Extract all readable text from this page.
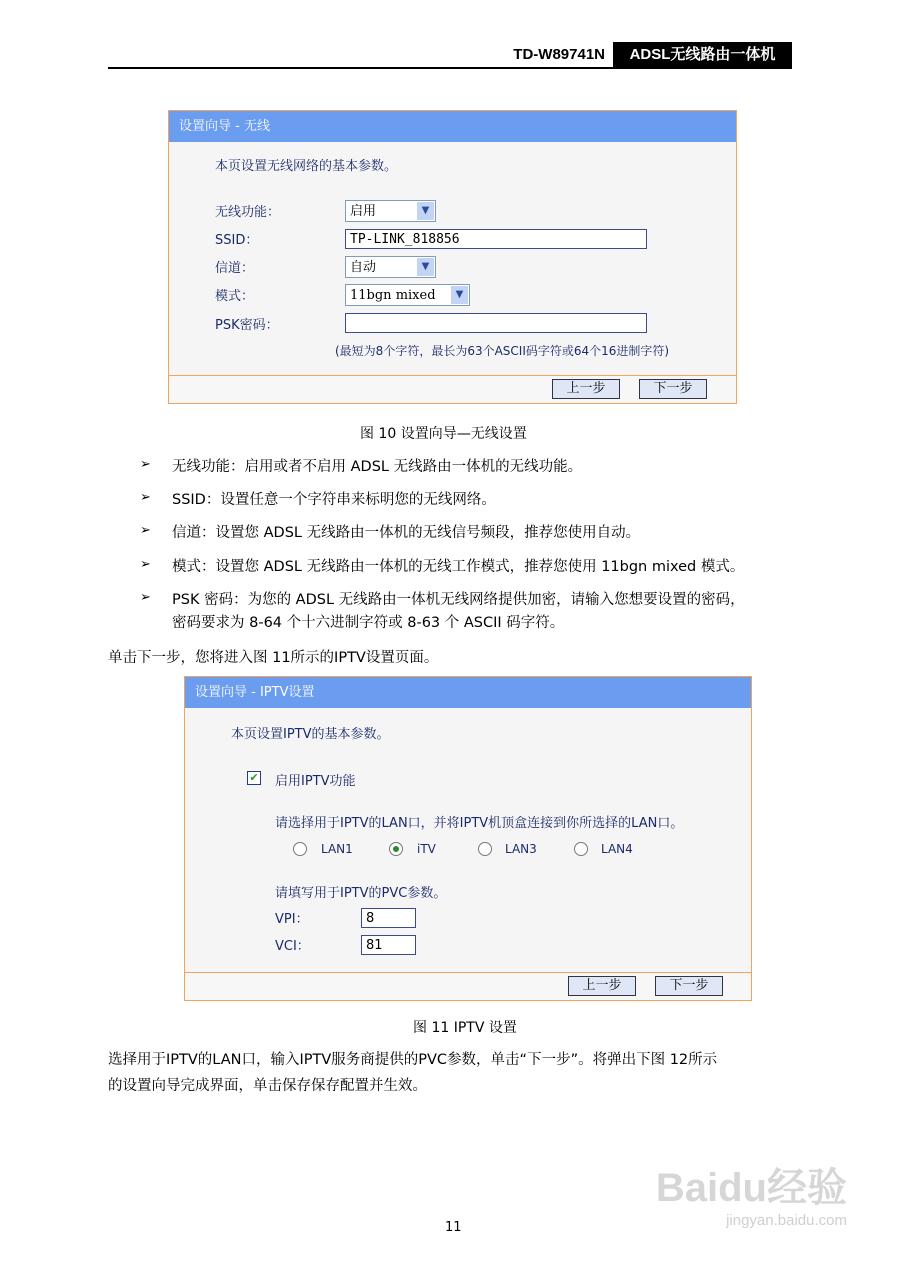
TD-W89741N	ADSL无线路由一体机
设置向导 - 无线
本页设置无线网络的基本参数。
无线功能：	启用	▼
SSID：	TP-LINK_818856
信道：	自动	▼
模式：	11bgn mixed	▼
PSK密码：
(最短为8个字符，最长为63个ASCII码字符或64个16进制字符)
上一步	下一步
图 10 设置向导—无线设置
➢ 无线功能：启用或者不启用 ADSL 无线路由一体机的无线功能。
➢ SSID：设置任意一个字符串来标明您的无线网络。
➢ 信道：设置您 ADSL 无线路由一体机的无线信号频段，推荐您使用自动。
➢ 模式：设置您 ADSL 无线路由一体机的无线工作模式，推荐您使用 11bgn mixed 模式。
➢ PSK 密码：为您的 ADSL 无线路由一体机无线网络提供加密，请输入您想要设置的密码，
密码要求为 8-64 个十六进制字符或 8-63 个 ASCII 码字符。
单击下一步，您将进入图 11所示的IPTV设置页面。
设置向导 - IPTV设置
本页设置IPTV的基本参数。
✔ 启用IPTV功能
请选择用于IPTV的LAN口，并将IPTV机顶盒连接到你所选择的LAN口。
LAN1	iTV	LAN3	LAN4
请填写用于IPTV的PVC参数。
VPI：	8
VCI：	81
上一步	下一步
图 11 IPTV 设置
选择用于IPTV的LAN口，输入IPTV服务商提供的PVC参数，单击“下一步”。将弹出下图 12所示
的设置向导完成界面，单击保存保存配置并生效。
Baidu经验
jingyan.baidu.com
11
